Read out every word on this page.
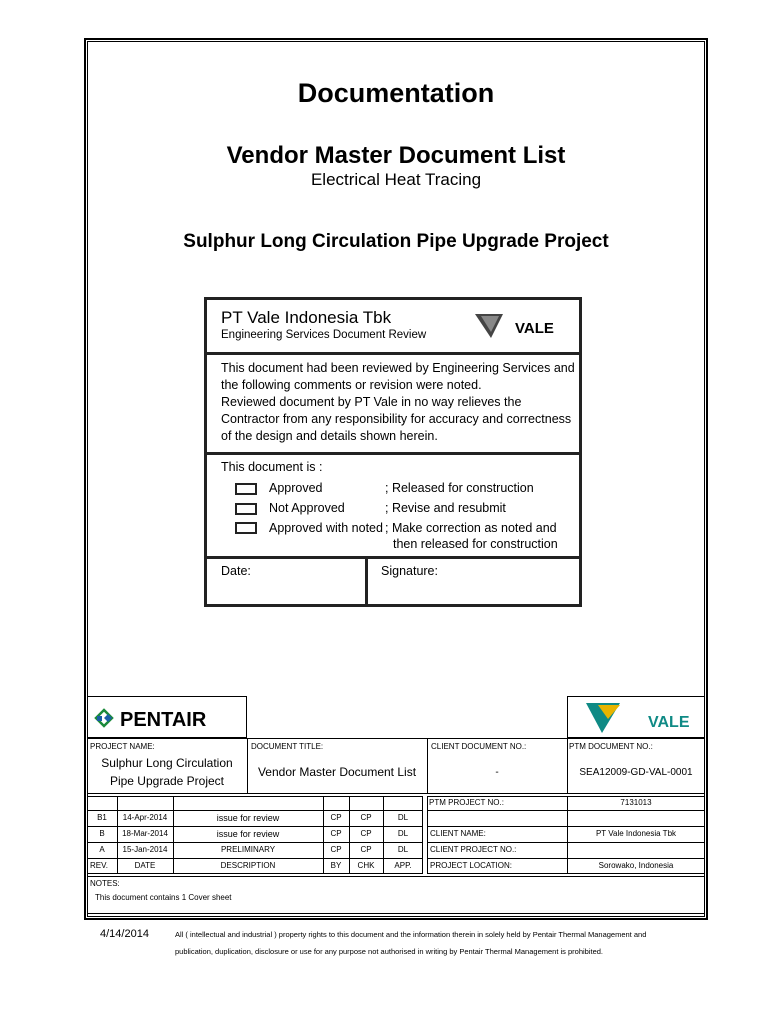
Documentation
Vendor Master Document List
Electrical Heat Tracing
Sulphur Long Circulation Pipe Upgrade Project
PT Vale Indonesia Tbk
Engineering Services Document Review	VALE
This document had been reviewed by Engineering Services and
the following comments or revision were noted.
Reviewed document by PT Vale in no way relieves the
Contractor from any responsibility for accuracy and correctness
of the design and details shown herein.
This document is :
Approved	; Released for construction
Not Approved	; Revise and resubmit
Approved with noted ; Make correction as noted and
then released for construction
Date:	Signature:
PENTAIR	VALE
PROJECT NAME:
Sulphur Long Circulation
Pipe Upgrade Project
DOCUMENT TITLE:
Vendor Master Document List
CLIENT DOCUMENT NO.:
-
PTM DOCUMENT NO.:
SEA12009-GD-VAL-0001
B1	14-Apr-2014	issue for review	CP	CP	DL
B	18-Mar-2014	issue for review	CP	CP	DL
A	15-Jan-2014	PRELIMINARY	CP	CP	DL
REV.	DATE	DESCRIPTION	BY	CHK	APP.
PTM PROJECT NO.:	7131013
CLIENT NAME:	PT Vale Indonesia Tbk
CLIENT PROJECT NO.:
PROJECT LOCATION:	Sorowako, Indonesia
NOTES:
This document contains 1 Cover sheet
4/14/2014	All ( intellectual and industrial ) property rights to this document and the information therein in solely held by Pentair Thermal Management and
publication, duplication, disclosure or use for any purpose not authorised in writing by Pentair Thermal Management is prohibited.
